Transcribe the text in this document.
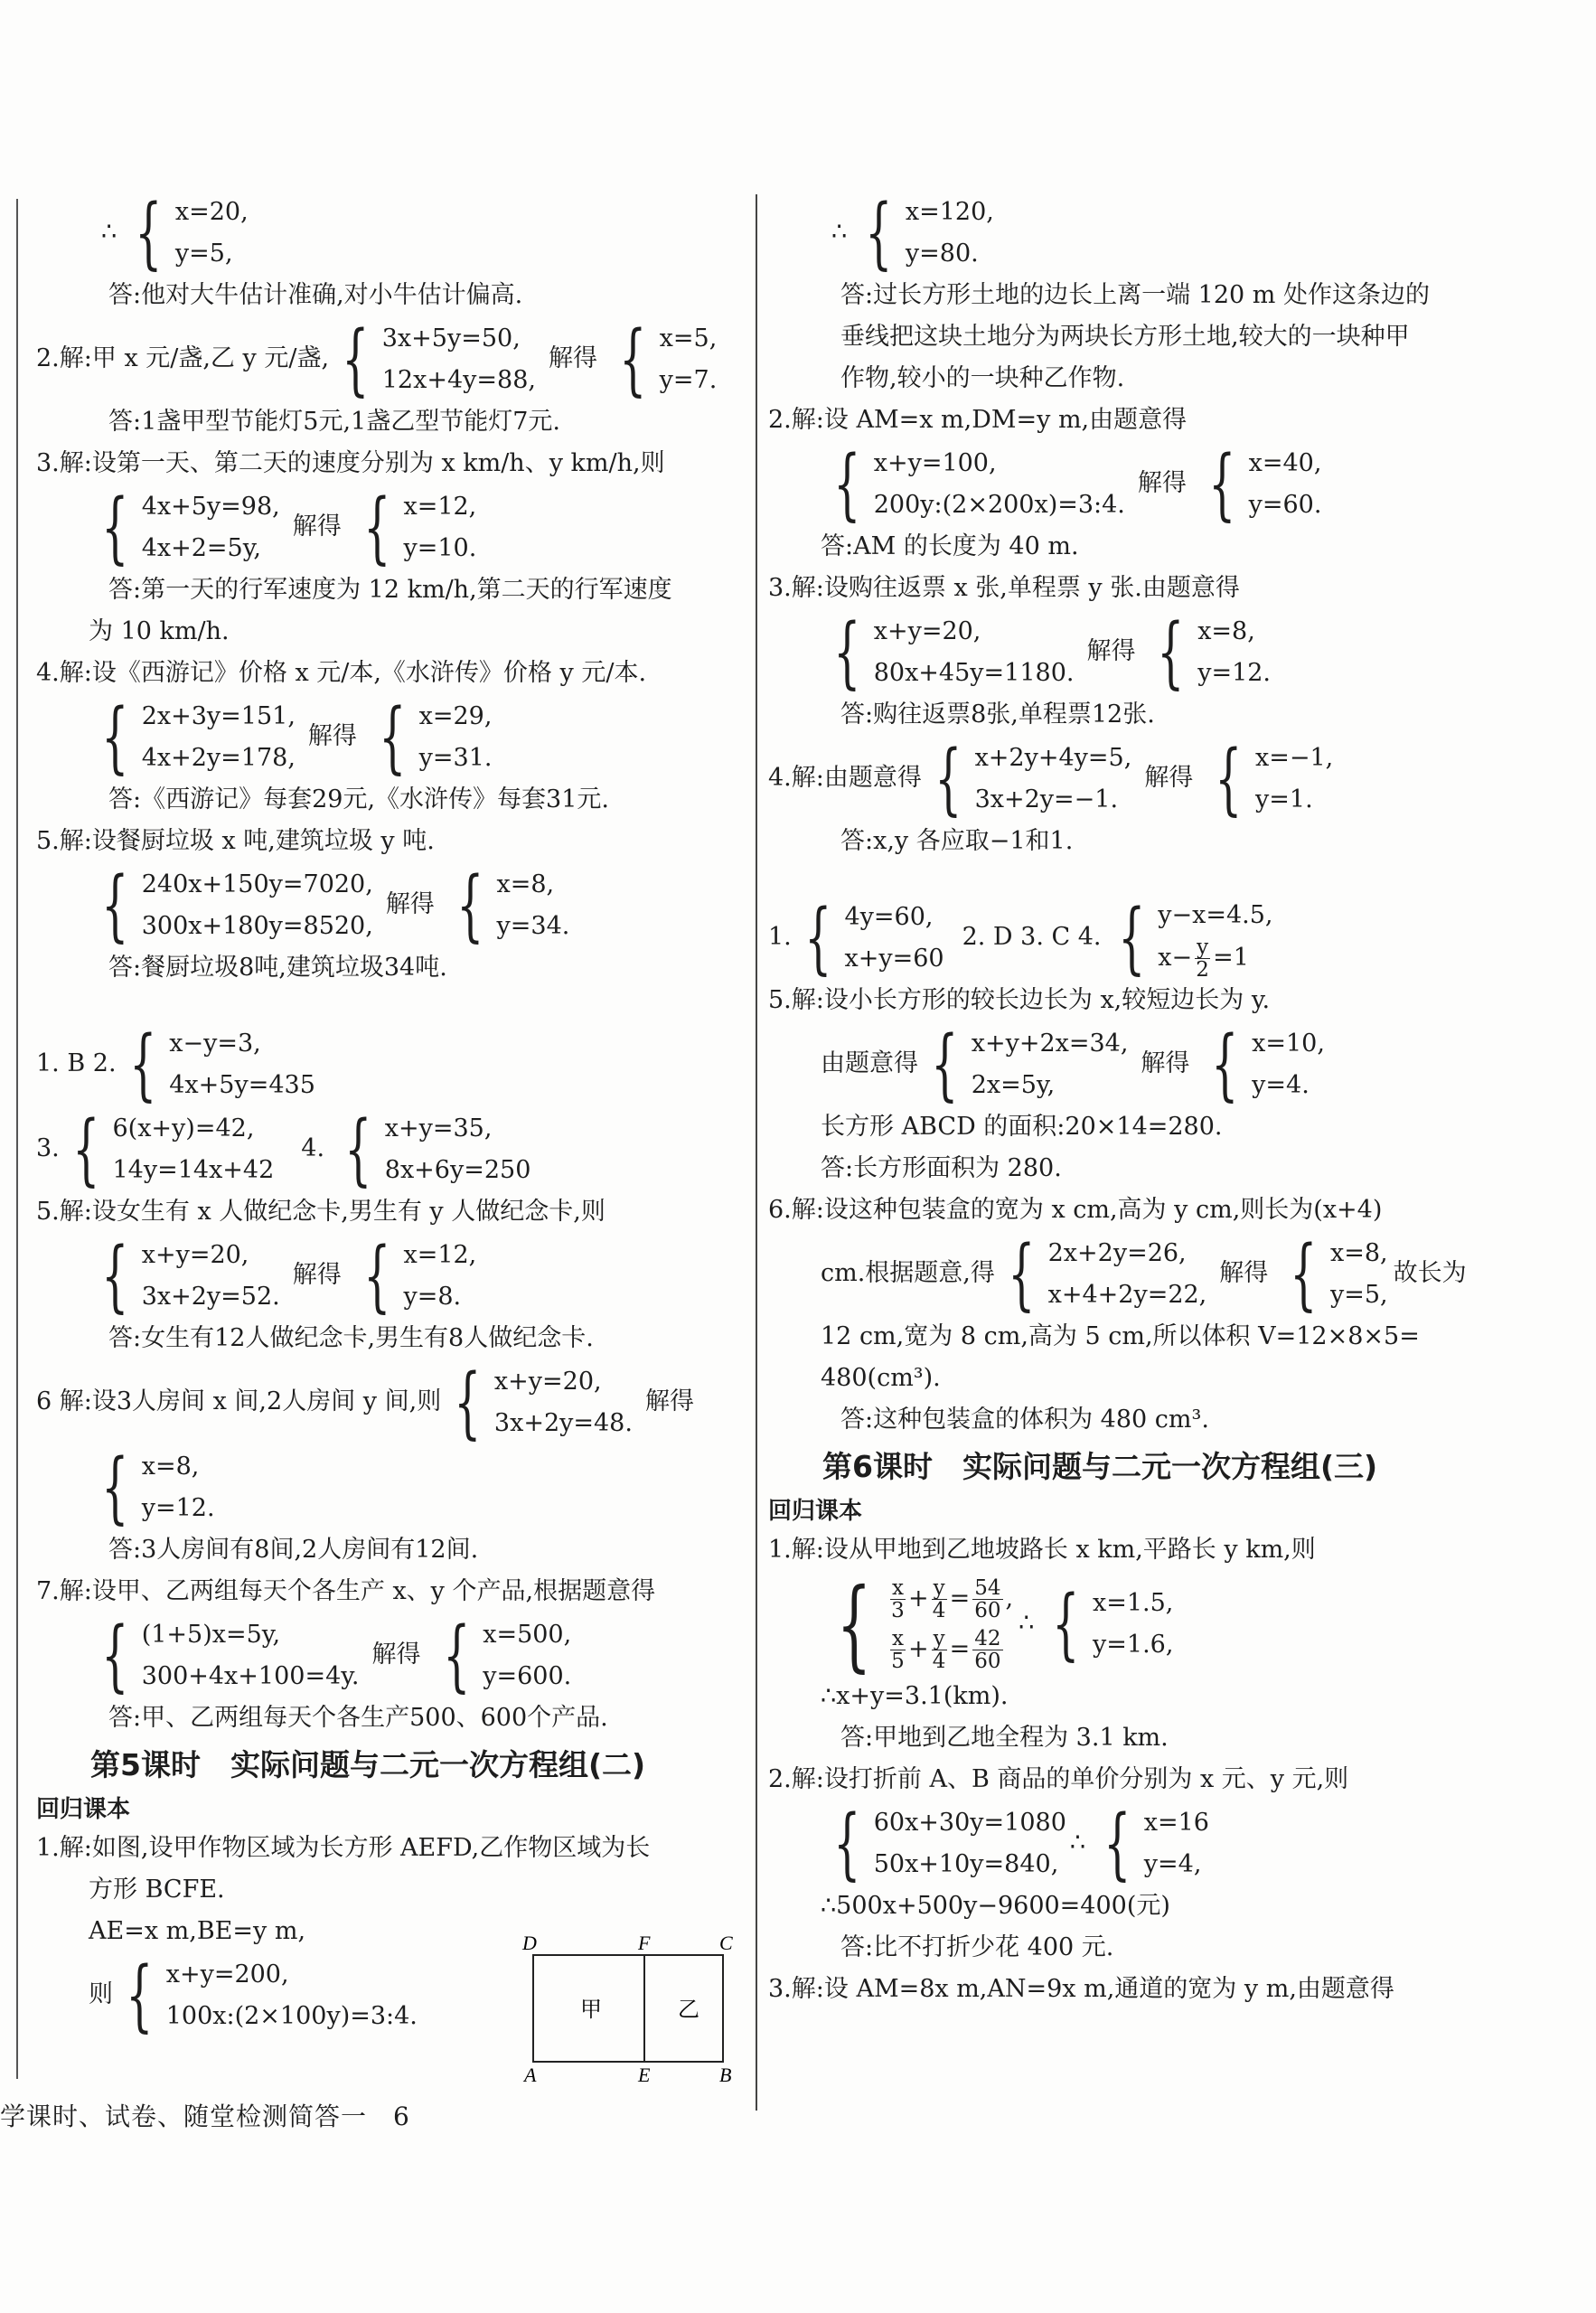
∴ { x=20,
y=5,
答:他对大牛估计准确,对小牛估计偏高.
2.解:甲 x 元/盏,乙 y 元/盏, { 3x+5y=50,
12x+4y=88,
解得 { x=5,
y=7.
答:1盏甲型节能灯5元,1盏乙型节能灯7元.
3.解:设第一天、第二天的速度分别为 x km/h、y km/h,则
{ 4x+5y=98,
4x+2=5y,
解得 { x=12,
y=10.
答:第一天的行军速度为 12 km/h,第二天的行军速度
为 10 km/h.
4.解:设《西游记》价格 x 元/本,《水浒传》价格 y 元/本.
{ 2x+3y=151,
4x+2y=178,
解得 { x=29,
y=31.
答:《西游记》每套29元,《水浒传》每套31元.
5.解:设餐厨垃圾 x 吨,建筑垃圾 y 吨.
{ 240x+150y=7020,
300x+180y=8520,
解得 { x=8,
y=34.
答:餐厨垃圾8吨,建筑垃圾34吨.
1. B 2. { x−y=3,
4x+5y=435
3. { 6(x+y)=42,
14y=14x+42
4. { x+y=35,
8x+6y=250
5.解:设女生有 x 人做纪念卡,男生有 y 人做纪念卡,则
{ x+y=20,
3x+2y=52.
解得 { x=12,
y=8.
答:女生有12人做纪念卡,男生有8人做纪念卡.
6 解:设3人房间 x 间,2人房间 y 间,则 { x+y=20,
3x+2y=48.
解得
{ x=8,
y=12.
答:3人房间有8间,2人房间有12间.
7.解:设甲、乙两组每天个各生产 x、y 个产品,根据题意得
{ (1+5)x=5y,
300+4x+100=4y.
解得 { x=500,
y=600.
答:甲、乙两组每天个各生产500、600个产品.
第5课时　实际问题与二元一次方程组(二)
回归课本
1.解:如图,设甲作物区域为长方形 AEFD,乙作物区域为长
方形 BCFE.
AE=x m,BE=y m,
则 { x+y=200,
100x:(2×100y)=3:4.
D	F	C
A	E	B
甲	乙
∴ { x=120,
y=80.
答:过长方形土地的边长上离一端 120 m 处作这条边的
垂线把这块土地分为两块长方形土地,较大的一块种甲
作物,较小的一块种乙作物.
2.解:设 AM=x m,DM=y m,由题意得
{ x+y=100,
200y:(2×200x)=3:4.
解得 { x=40,
y=60.
答:AM 的长度为 40 m.
3.解:设购往返票 x 张,单程票 y 张.由题意得
{ x+y=20,
80x+45y=1180.
解得 { x=8,
y=12.
答:购往返票8张,单程票12张.
4.解:由题意得 { x+2y+4y=5,
3x+2y=−1.
解得 { x=−1,
y=1.
答:x,y 各应取−1和1.
1. { 4y=60,
x+y=60
2. D 3. C 4. { y−x=4.5,
$x- \frac{y}{2} =1$
5.解:设小长方形的较长边长为 x,较短边长为 y.
由题意得 { x+y+2x=34,
2x=5y,
解得 { x=10,
y=4.
长方形 ABCD 的面积:20×14=280.
答:长方形面积为 280.
6.解:设这种包装盒的宽为 x cm,高为 y cm,则长为(x+4)
cm.根据题意,得 { 2x+2y=26,
x+4+2y=22,
解得 { x=8,
y=5,
故长为
12 cm,宽为 8 cm,高为 5 cm,所以体积 V=12×8×5=
480(cm³).
答:这种包装盒的体积为 480 cm³.
第6课时　实际问题与二元一次方程组(三)
回归课本
1.解:设从甲地到乙地坡路长 x km,平路长 y km,则
{ $\frac{x}{3} + \frac{y}{4} = \frac{54}{60}$ ,
$\frac{x}{5} + \frac{y}{4} = \frac{42}{60}$
∴ { x=1.5,
y=1.6,
∴x+y=3.1(km).
答:甲地到乙地全程为 3.1 km.
2.解:设打折前 A、B 商品的单价分别为 x 元、y 元,则
{ 60x+30y=1080
50x+10y=840,
∴ { x=16
y=4,
∴500x+500y−9600=400(元)
答:比不打折少花 400 元.
3.解:设 AM=8x m,AN=9x m,通道的宽为 y m,由题意得
学课时、试卷、随堂检测简答一　6
